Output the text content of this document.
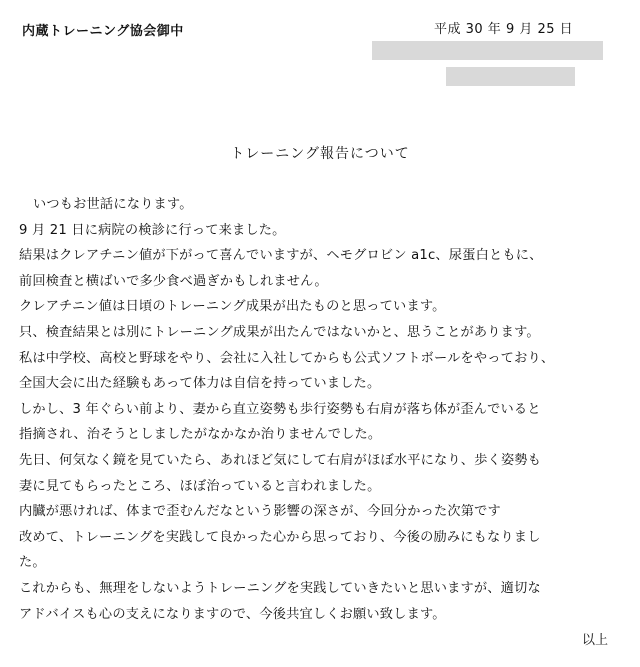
内蔵トレーニング協会御中	平成 30 年 9 月 25 日
トレーニング報告について
いつもお世話になります。
9 月 21 日に病院の検診に行って来ました。
結果はクレアチニン値が下がって喜んでいますが、ヘモグロビン a1c、尿蛋白ともに、
前回検査と横ばいで多少食べ過ぎかもしれません。
クレアチニン値は日頃のトレーニング成果が出たものと思っています。
只、検査結果とは別にトレーニング成果が出たんではないかと、思うことがあります。
私は中学校、高校と野球をやり、会社に入社してからも公式ソフトボールをやっており、
全国大会に出た経験もあって体力は自信を持っていました。
しかし、3 年ぐらい前より、妻から直立姿勢も歩行姿勢も右肩が落ち体が歪んでいると
指摘され、治そうとしましたがなかなか治りませんでした。
先日、何気なく鏡を見ていたら、あれほど気にして右肩がほぼ水平になり、歩く姿勢も
妻に見てもらったところ、ほぼ治っていると言われました。
内臓が悪ければ、体まで歪むんだなという影響の深さが、今回分かった次第です
改めて、トレーニングを実践して良かった心から思っており、今後の励みにもなりまし
た。
これからも、無理をしないようトレーニングを実践していきたいと思いますが、適切な
アドバイスも心の支えになりますので、今後共宜しくお願い致します。
以上
